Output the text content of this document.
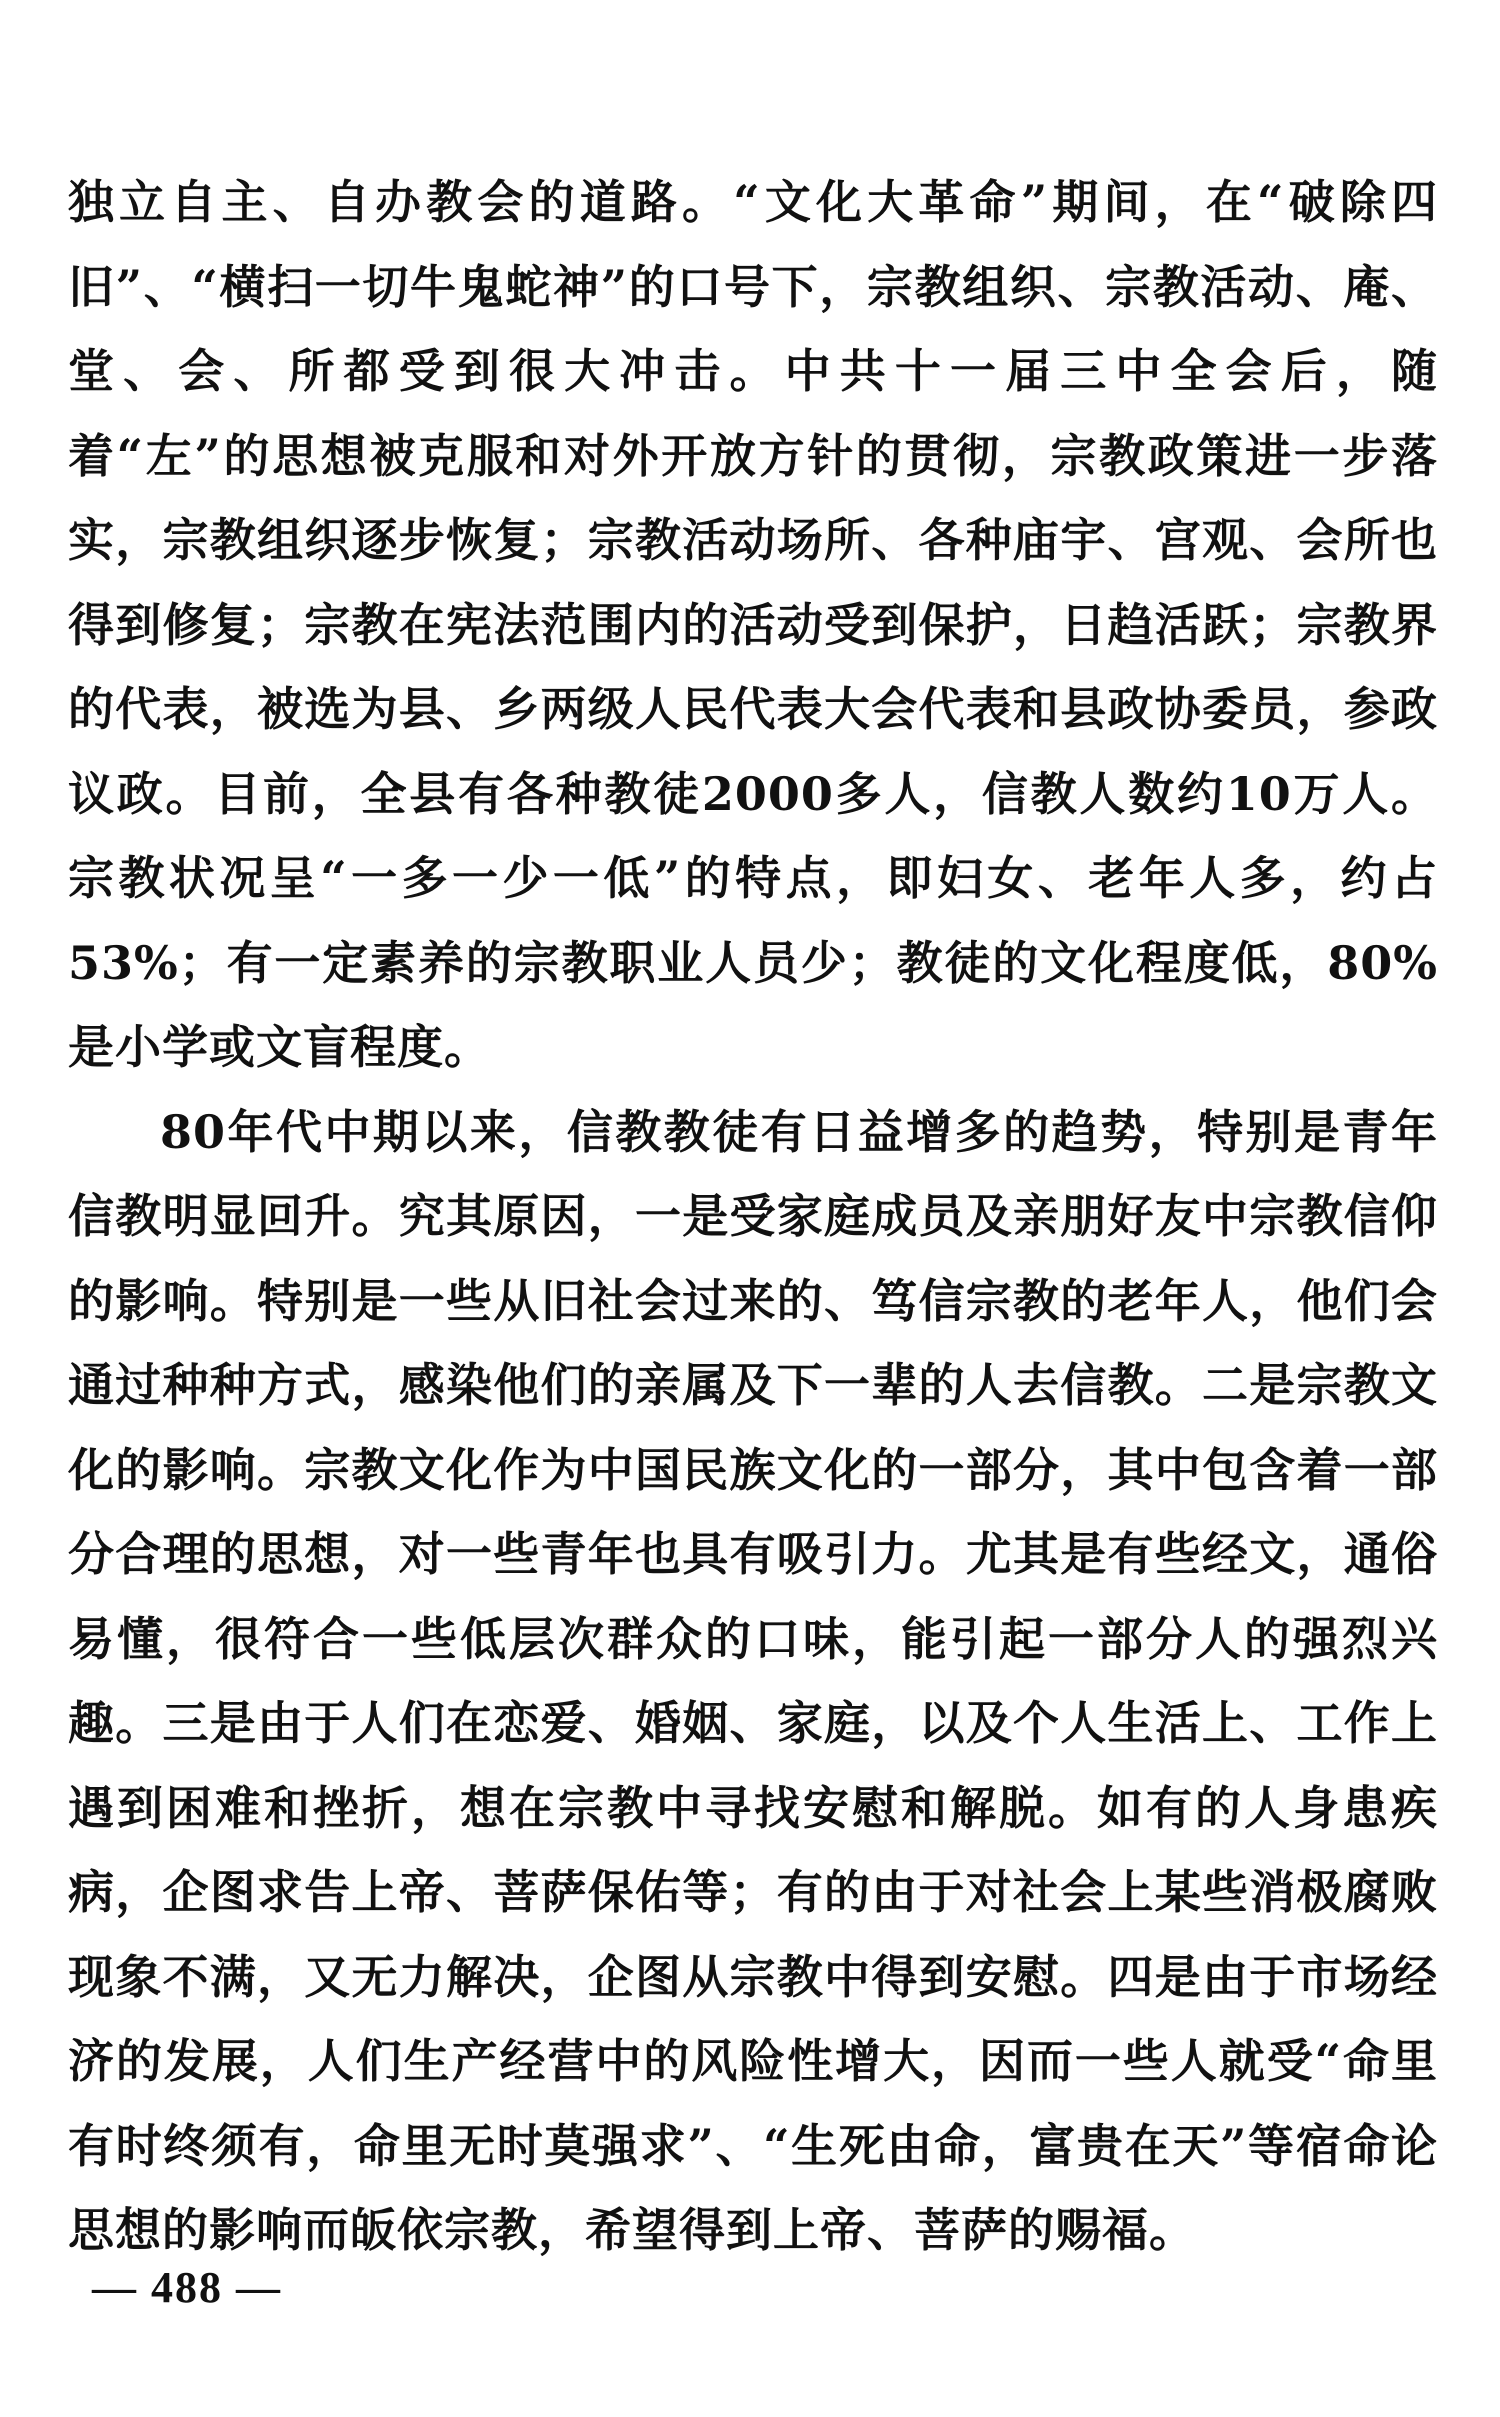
独立自主、自办教会的道路。“文化大革命”期间，在“破除四旧”、“横扫一切牛鬼蛇神”的口号下，宗教组织、宗教活动、庵、堂、会、所都受到很大冲击。中共十一届三中全会后，随着“左”的思想被克服和对外开放方针的贯彻，宗教政策进一步落实，宗教组织逐步恢复；宗教活动场所、各种庙宇、宫观、会所也得到修复；宗教在宪法范围内的活动受到保护，日趋活跃；宗教界的代表，被选为县、乡两级人民代表大会代表和县政协委员，参政议政。目前，全县有各种教徒2000多人，信教人数约10万人。宗教状况呈“一多一少一低”的特点，即妇女、老年人多，约占53%；有一定素养的宗教职业人员少；教徒的文化程度低，80%是小学或文盲程度。

80年代中期以来，信教教徒有日益增多的趋势，特别是青年信教明显回升。究其原因，一是受家庭成员及亲朋好友中宗教信仰的影响。特别是一些从旧社会过来的、笃信宗教的老年人，他们会通过种种方式，感染他们的亲属及下一辈的人去信教。二是宗教文化的影响。宗教文化作为中国民族文化的一部分，其中包含着一部分合理的思想，对一些青年也具有吸引力。尤其是有些经文，通俗易懂，很符合一些低层次群众的口味，能引起一部分人的强烈兴趣。三是由于人们在恋爱、婚姻、家庭，以及个人生活上、工作上遇到困难和挫折，想在宗教中寻找安慰和解脱。如有的人身患疾病，企图求告上帝、菩萨保佑等；有的由于对社会上某些消极腐败现象不满，又无力解决，企图从宗教中得到安慰。四是由于市场经济的发展，人们生产经营中的风险性增大，因而一些人就受“命里有时终须有，命里无时莫强求”、“生死由命，富贵在天”等宿命论思想的影响而皈依宗教，希望得到上帝、菩萨的赐福。

— 488 —
